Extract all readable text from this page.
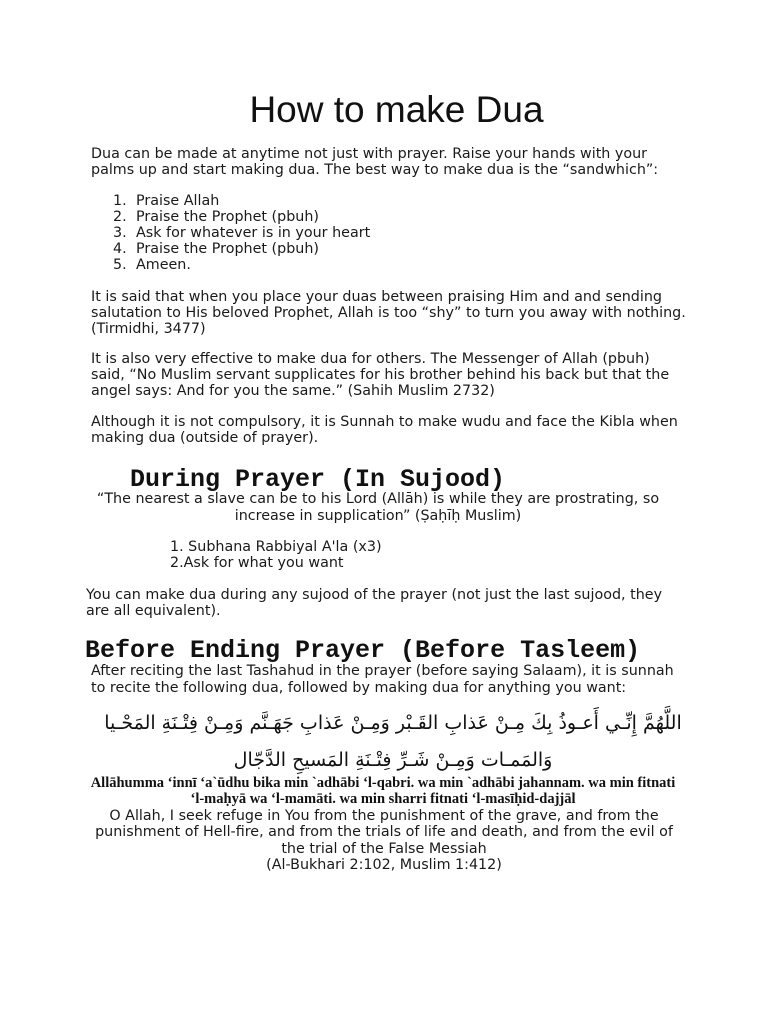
How to make Dua
Dua can be made at anytime not just with prayer. Raise your hands with your
palms up and start making dua. The best way to make dua is the “sandwhich”:
1. Praise Allah
2. Praise the Prophet (pbuh)
3. Ask for whatever is in your heart
4. Praise the Prophet (pbuh)
5. Ameen.
It is said that when you place your duas between praising Him and and sending
salutation to His beloved Prophet, Allah is too “shy” to turn you away with nothing.
(Tirmidhi, 3477)
It is also very effective to make dua for others. The Messenger of Allah (pbuh)
said, “No Muslim servant supplicates for his brother behind his back but that the
angel says: And for you the same.” (Sahih Muslim 2732)
Although it is not compulsory, it is Sunnah to make wudu and face the Kibla when
making dua (outside of prayer).
During Prayer (In Sujood)
“The nearest a slave can be to his Lord (Allāh) is while they are prostrating, so
increase in supplication” (Ṣaḥīḥ Muslim)
1. Subhana Rabbiyal A'la (x3)
2.Ask for what you want
You can make dua during any sujood of the prayer (not just the last sujood, they
are all equivalent).
Before Ending Prayer (Before Tasleem)
After reciting the last Tashahud in the prayer (before saying Salaam), it is sunnah
to recite the following dua, followed by making dua for anything you want:
اللَّهُمَّ إِنِّـي أَعـوذُ بِكَ مِـنْ عَذابِ القَـبْر وَمِـنْ عَذابِ جَهَـنَّم وَمِـنْ فِتْـنَةِ المَحْـيا
وَالمَمـات وَمِـنْ شَـرِّ فِتْـنَةِ المَسيحِ الدَّجّال
Allāhumma ‘innī ‘a`ūdhu bika min `adhābi ‘l-qabri. wa min `adhābi jahannam. wa min fitnati
‘l-maḥyā wa ‘l-mamāti. wa min sharri fitnati ‘l-masīḥid-dajjāl
O Allah, I seek refuge in You from the punishment of the grave, and from the
punishment of Hell-fire, and from the trials of life and death, and from the evil of
the trial of the False Messiah
(Al-Bukhari 2:102, Muslim 1:412)
